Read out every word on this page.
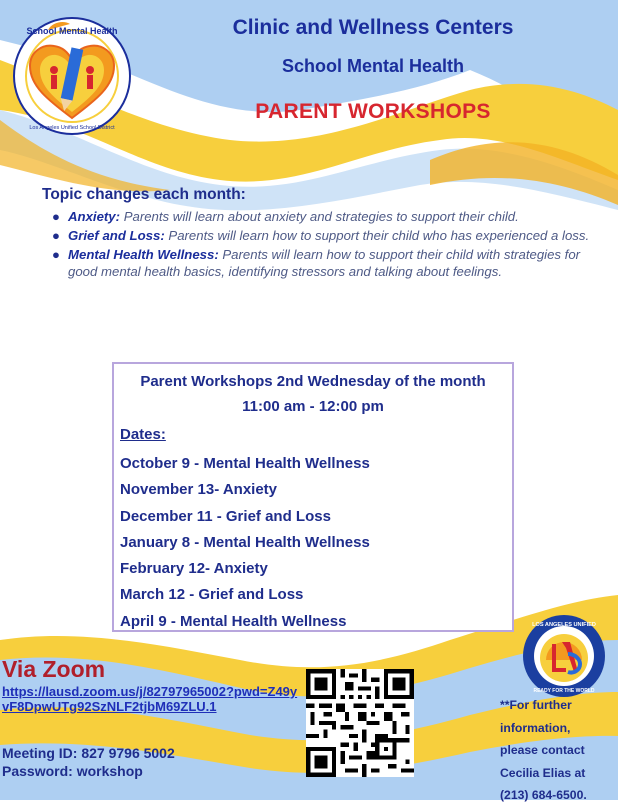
School Mental Health
Los Angeles Unified School District
Clinic and Wellness Centers
School Mental Health
PARENT WORKSHOPS
Topic changes each month:
● Anxiety: Parents will learn about anxiety and strategies to support their child.
● Grief and Loss: Parents will learn how to support their child who has experienced a loss.
● Mental Health Wellness: Parents will learn how to support their child with strategies for good mental health basics, identifying stressors and talking about feelings.
Parent Workshops 2nd Wednesday of the month
11:00 am - 12:00 pm
Dates:
October 9 - Mental Health Wellness
November 13- Anxiety
December 11 - Grief and Loss
January 8 - Mental Health Wellness
February 12- Anxiety
March 12 - Grief and Loss
April 9 - Mental Health Wellness
Via Zoom
https://lausd.zoom.us/j/82797965002?pwd=Z49yvF8DpwUTg92SzNLF2tjbM69ZLU.1
Meeting ID: 827 9796 5002
Password: workshop
LOS ANGELES UNIFIED
READY FOR THE WORLD
**For further
information,
please contact
Cecilia Elias at
(213) 684-6500.
